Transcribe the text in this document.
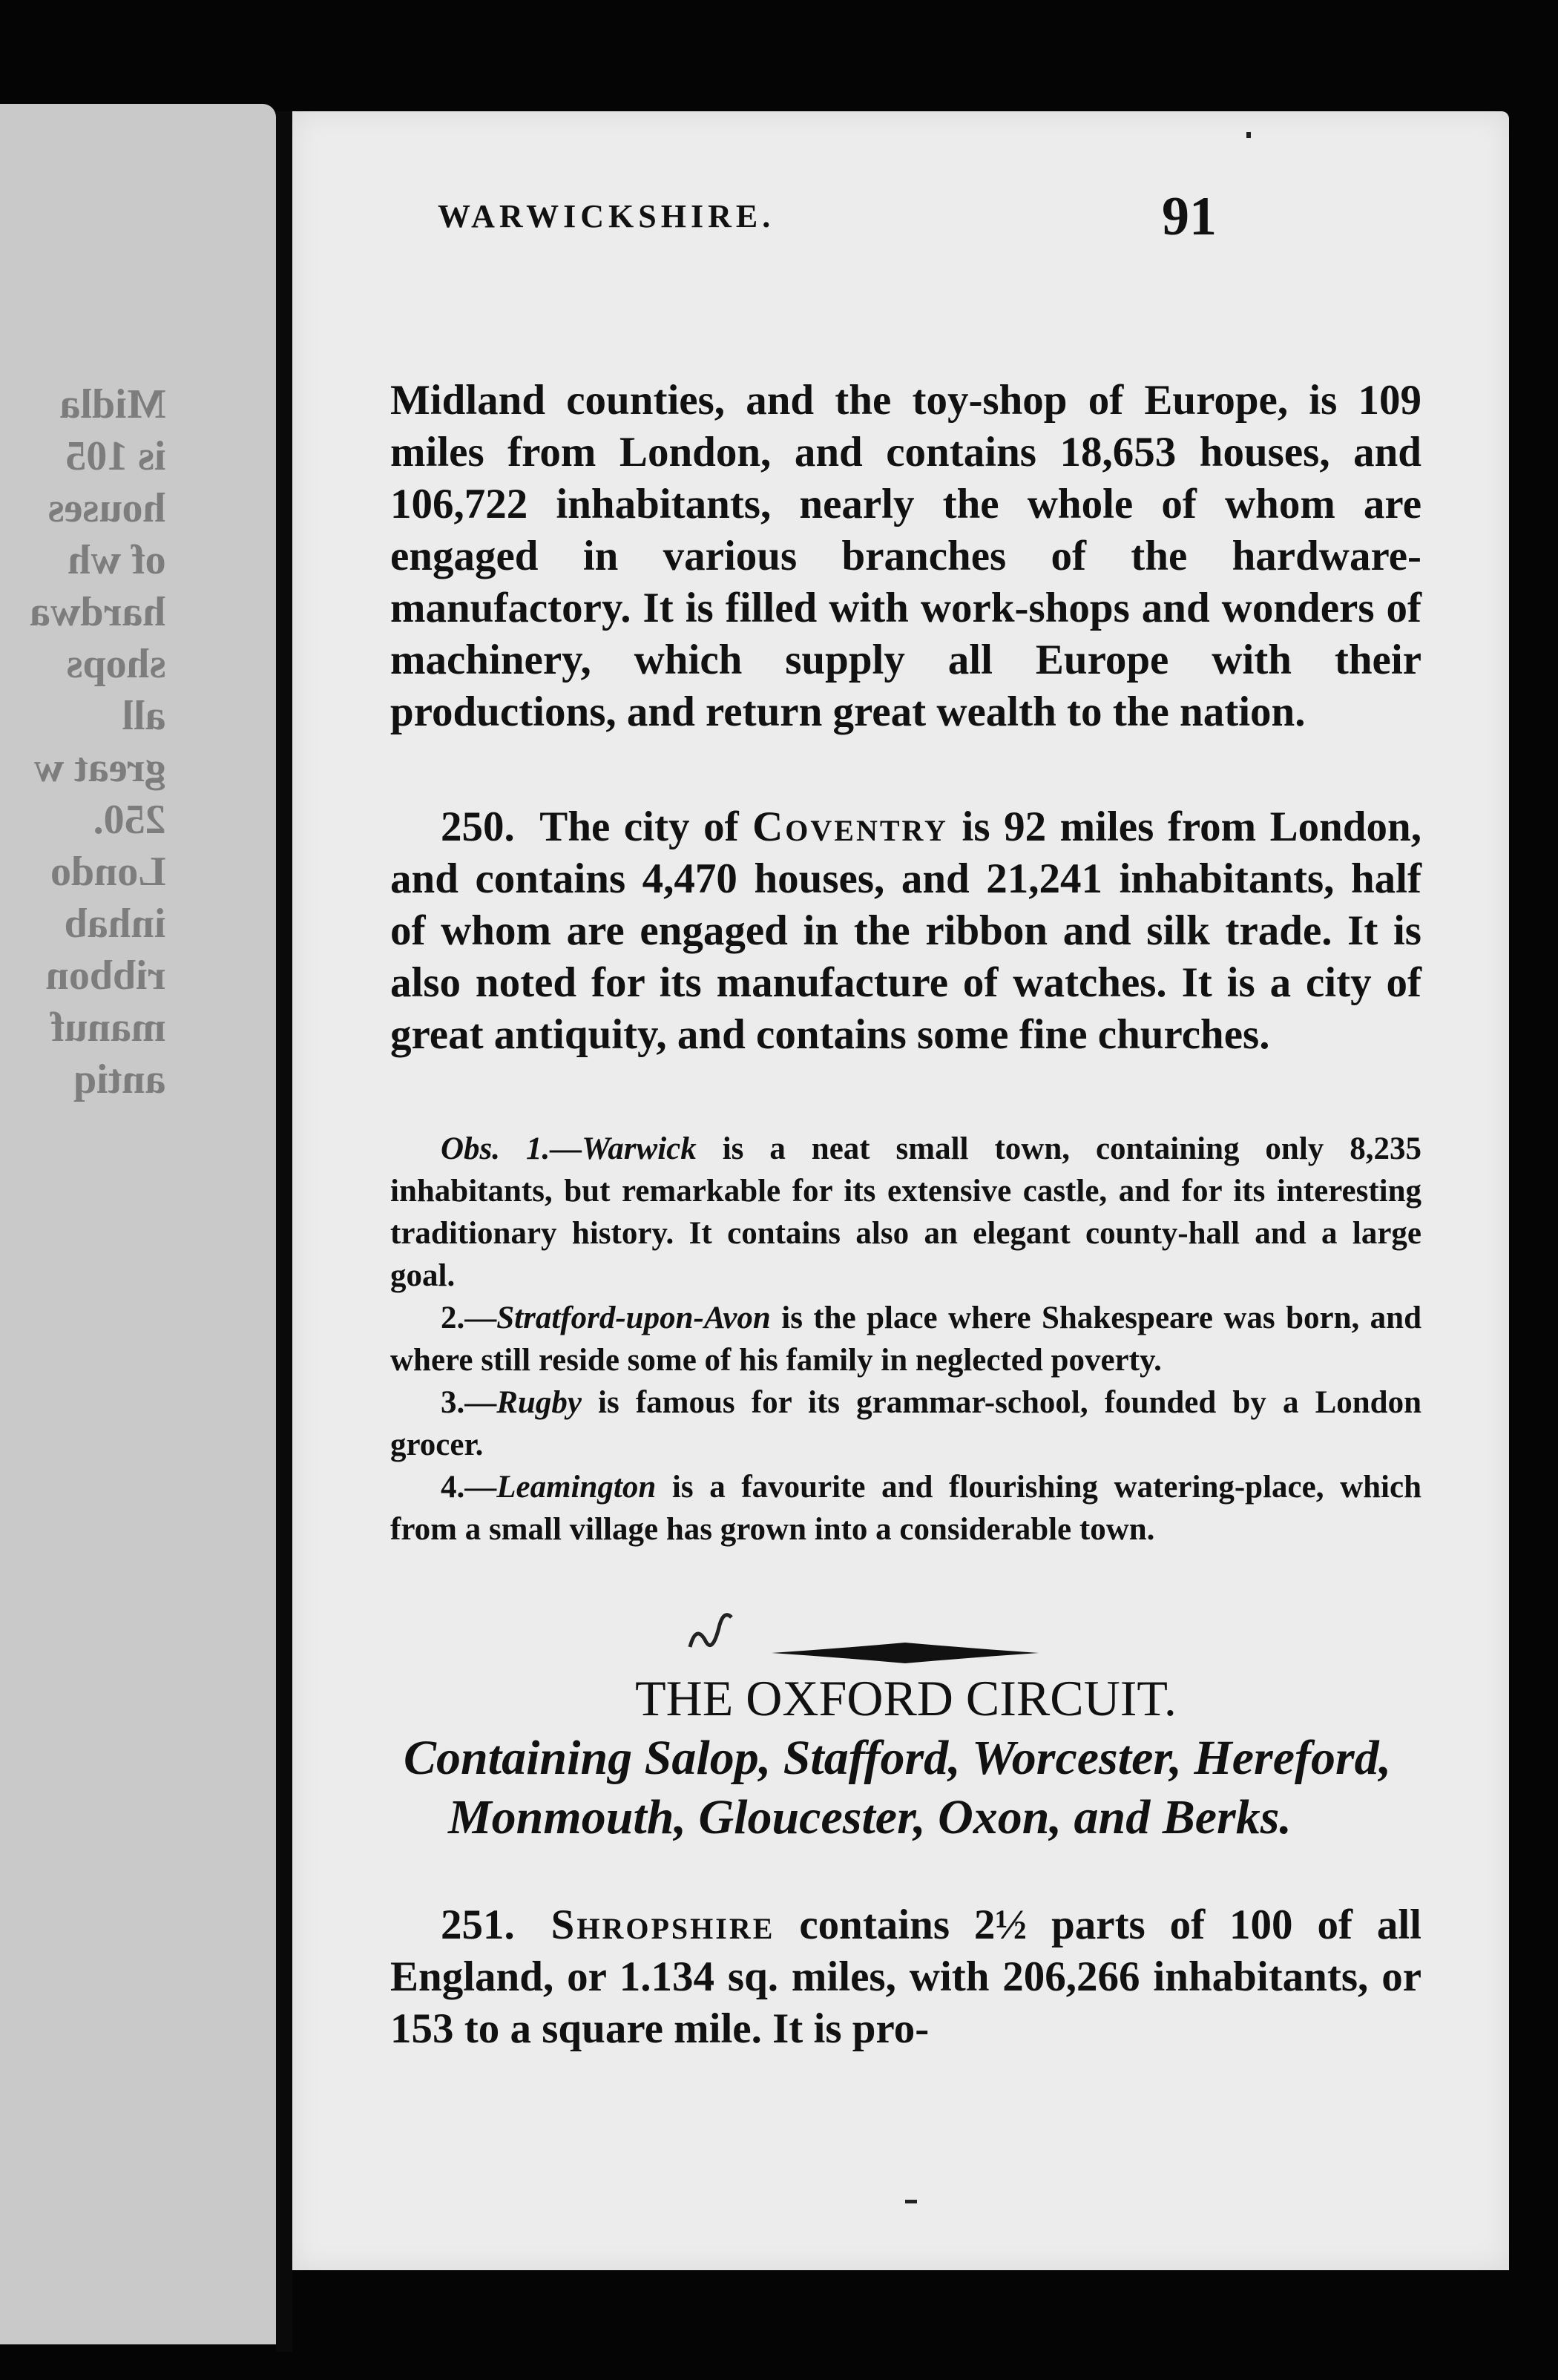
Midla
is 105
houses
of wh
hardwa
shops
all
great w
250.
Londo
inhab
ribbon
manuf
antiq
WARWICKSHIRE.	91

Midland counties, and the toy-shop of Europe, is 109 miles from London, and contains 18,653 houses, and 106,722 inhabitants, nearly the whole of whom are engaged in various branches of the hardware-manufactory. It is filled with work-shops and wonders of machinery, which supply all Europe with their productions, and return great wealth to the nation.

250. The city of Coventry is 92 miles from London, and contains 4,470 houses, and 21,241 inhabitants, half of whom are engaged in the ribbon and silk trade. It is also noted for its manufacture of watches. It is a city of great antiquity, and contains some fine churches.

Obs. 1.—Warwick is a neat small town, containing only 8,235 inhabitants, but remarkable for its extensive castle, and for its interesting traditionary history. It contains also an elegant county-hall and a large goal.

2.—Stratford-upon-Avon is the place where Shakespeare was born, and where still reside some of his family in neglected poverty.

3.—Rugby is famous for its grammar-school, founded by a London grocer.

4.—Leamington is a favourite and flourishing watering-place, which from a small village has grown into a considerable town.

THE OXFORD CIRCUIT.

Containing Salop, Stafford, Worcester, Hereford, Monmouth, Gloucester, Oxon, and Berks.

251. Shropshire contains 2½ parts of 100 of all England, or 1.134 sq. miles, with 206,266 inhabitants, or 153 to a square mile. It is pro-
